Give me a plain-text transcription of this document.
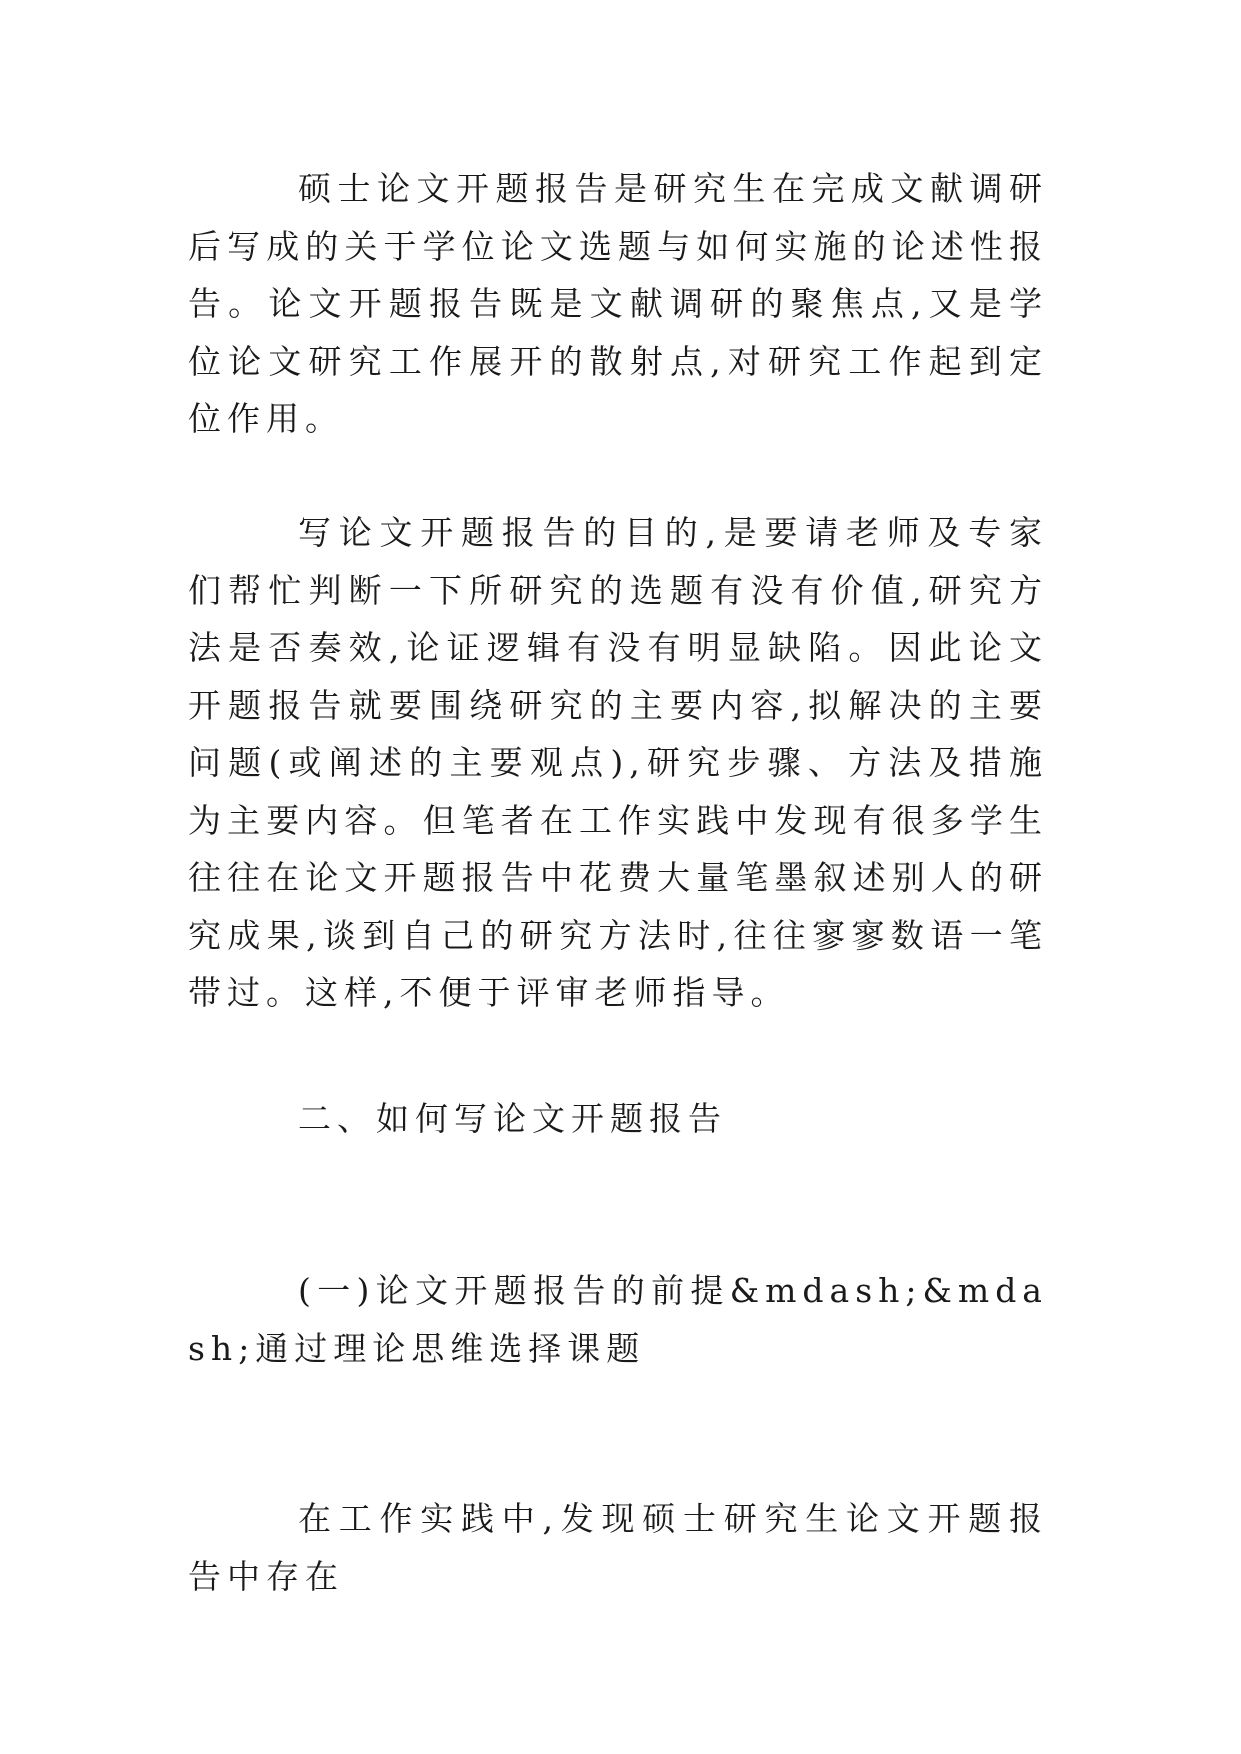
硕士论文开题报告是研究生在完成文献调研后写成的关于学位论文选题与如何实施的论述性报告。论文开题报告既是文献调研的聚焦点,又是学位论文研究工作展开的散射点,对研究工作起到定位作用。

写论文开题报告的目的,是要请老师及专家们帮忙判断一下所研究的选题有没有价值,研究方法是否奏效,论证逻辑有没有明显缺陷。因此论文开题报告就要围绕研究的主要内容,拟解决的主要问题(或阐述的主要观点),研究步骤、方法及措施为主要内容。但笔者在工作实践中发现有很多学生往往在论文开题报告中花费大量笔墨叙述别人的研究成果,谈到自己的研究方法时,往往寥寥数语一笔带过。这样,不便于评审老师指导。

二、如何写论文开题报告

(一)论文开题报告的前提&mdash;&mdash;通过理论思维选择课题

在工作实践中,发现硕士研究生论文开题报告中存在
